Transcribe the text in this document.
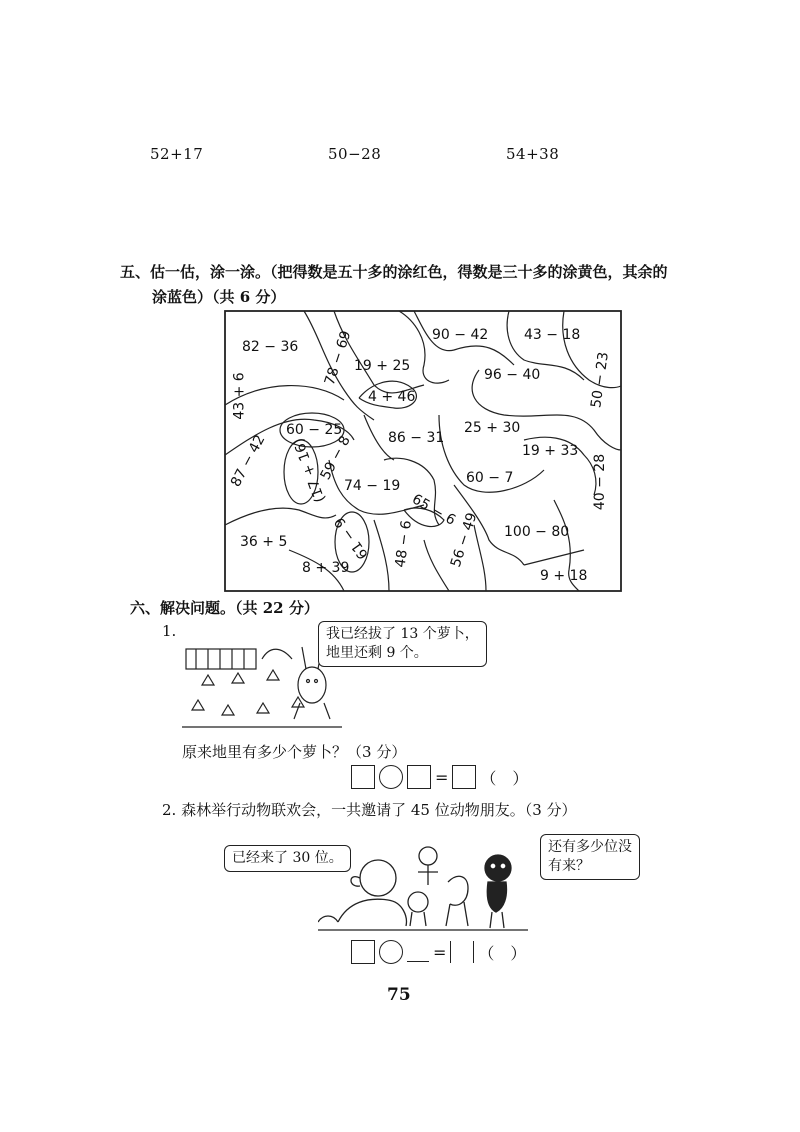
52+17	50−28	54+38
五、估一估，涂一涂。（把得数是五十多的涂红色，得数是三十多的涂黄色，其余的
涂蓝色）（共 6 分）
82 − 36 78 − 69 19 + 25
90 − 42	43 − 18
43 + 6	4 + 46
96 − 40	50 − 23
60 − 25	86 − 31
25 + 30
87 − 42	59 − 8	19 + 33
(17 + 16) 74 − 19	60 − 7	40 − 28
65 − 6
61 − 9 48 − 6 56 − 49 100 − 80
36 + 5
8 + 39	9 + 18
六、解决问题。（共 22 分）
1.	我已经拔了 13 个萝卜，
地里还剩 9 个。
原来地里有多少个萝卜？（3 分）
= （　）
2. 森林举行动物联欢会，一共邀请了 45 位动物朋友。（3 分）
已经来了 30 位。
还有多少位没
有来？
= （　）
75
